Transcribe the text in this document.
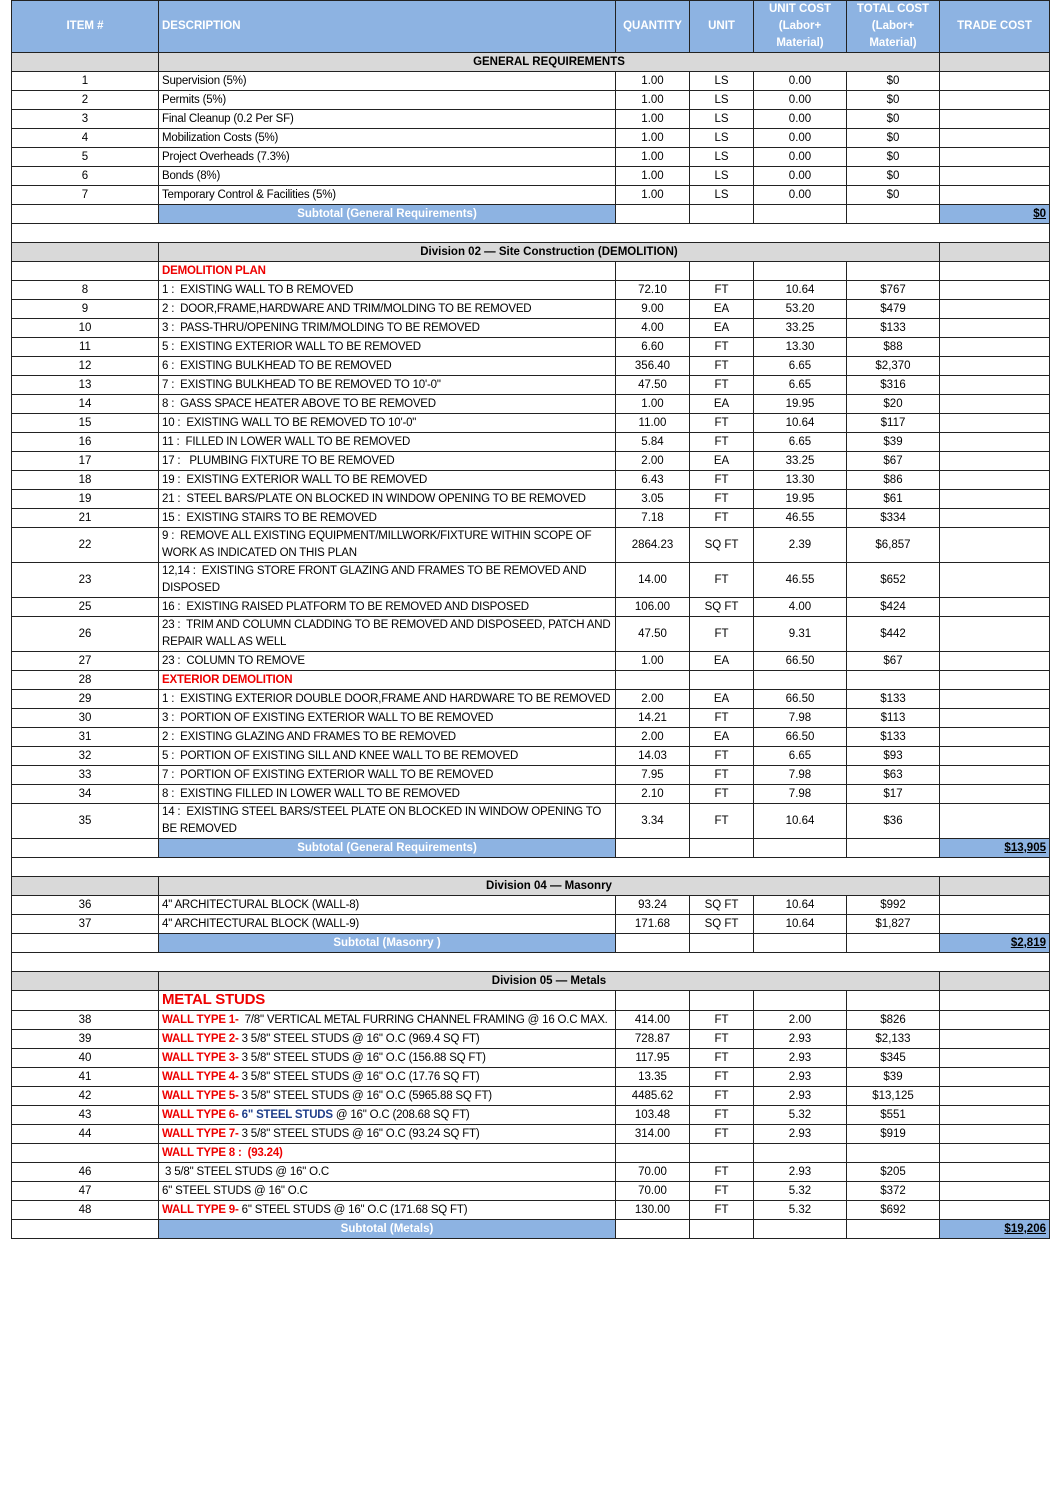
ITEM #	DESCRIPTION	QUANTITY	UNIT	UNIT COST (Labor+ Material)	TOTAL COST (Labor+ Material)	TRADE COST
	GENERAL REQUIREMENTS					
1	Supervision (5%)	1.00	LS	0.00	$0	
2	Permits (5%)	1.00	LS	0.00	$0	
3	Final Cleanup (0.2 Per SF)	1.00	LS	0.00	$0	
4	Mobilization Costs (5%)	1.00	LS	0.00	$0	
5	Project Overheads (7.3%)	1.00	LS	0.00	$0	
6	Bonds (8%)	1.00	LS	0.00	$0	
7	Temporary Control & Facilities (5%)	1.00	LS	0.00	$0	
	Subtotal (General Requirements)					$0

	Division 02 — Site Construction (DEMOLITION)					
	DEMOLITION PLAN					
8	1 :  EXISTING WALL TO B REMOVED	72.10	FT	10.64	$767	
9	2 :  DOOR,FRAME,HARDWARE AND TRIM/MOLDING TO BE REMOVED	9.00	EA	53.20	$479	
10	3 :  PASS-THRU/OPENING TRIM/MOLDING TO BE REMOVED	4.00	EA	33.25	$133	
11	5 :  EXISTING EXTERIOR WALL TO BE REMOVED	6.60	FT	13.30	$88	
12	6 :  EXISTING BULKHEAD TO BE REMOVED	356.40	FT	6.65	$2,370	
13	7 :  EXISTING BULKHEAD TO BE REMOVED TO 10'-0"	47.50	FT	6.65	$316	
14	8 :  GASS SPACE HEATER ABOVE TO BE REMOVED	1.00	EA	19.95	$20	
15	10 :  EXISTING WALL TO BE REMOVED TO 10'-0"	11.00	FT	10.64	$117	
16	11 :  FILLED IN LOWER WALL TO BE REMOVED	5.84	FT	6.65	$39	
17	17 :   PLUMBING FIXTURE TO BE REMOVED	2.00	EA	33.25	$67	
18	19 :  EXISTING EXTERIOR WALL TO BE REMOVED	6.43	FT	13.30	$86	
19	21 :  STEEL BARS/PLATE ON BLOCKED IN WINDOW OPENING TO BE REMOVED	3.05	FT	19.95	$61	
21	15 :  EXISTING STAIRS TO BE REMOVED	7.18	FT	46.55	$334	
22	9 :  REMOVE ALL EXISTING EQUIPMENT/MILLWORK/FIXTURE WITHIN SCOPE OF WORK AS INDICATED ON THIS PLAN	2864.23	SQ FT	2.39	$6,857	
23	12,14 :  EXISTING STORE FRONT GLAZING AND FRAMES TO BE REMOVED AND DISPOSED	14.00	FT	46.55	$652	
25	16 :  EXISTING RAISED PLATFORM TO BE REMOVED AND DISPOSED	106.00	SQ FT	4.00	$424	
26	23 :  TRIM AND COLUMN CLADDING TO BE REMOVED AND DISPOSEED, PATCH AND REPAIR WALL AS WELL	47.50	FT	9.31	$442	
27	23 :  COLUMN TO REMOVE	1.00	EA	66.50	$67	
28	EXTERIOR DEMOLITION					
29	1 :  EXISTING EXTERIOR DOUBLE DOOR,FRAME AND HARDWARE TO BE REMOVED	2.00	EA	66.50	$133	
30	3 :  PORTION OF EXISTING EXTERIOR WALL TO BE REMOVED	14.21	FT	7.98	$113	
31	2 :  EXISTING GLAZING AND FRAMES TO BE REMOVED	2.00	EA	66.50	$133	
32	5 :  PORTION OF EXISTING SILL AND KNEE WALL TO BE REMOVED	14.03	FT	6.65	$93	
33	7 :  PORTION OF EXISTING EXTERIOR WALL TO BE REMOVED	7.95	FT	7.98	$63	
34	8 :  EXISTING FILLED IN LOWER WALL TO BE REMOVED	2.10	FT	7.98	$17	
35	14 :  EXISTING STEEL BARS/STEEL PLATE ON BLOCKED IN WINDOW OPENING TO BE REMOVED	3.34	FT	10.64	$36	
	Subtotal (General Requirements)					$13,905

	Division 04 — Masonry					
36	4" ARCHITECTURAL BLOCK (WALL-8)	93.24	SQ FT	10.64	$992	
37	4" ARCHITECTURAL BLOCK (WALL-9)	171.68	SQ FT	10.64	$1,827	
	Subtotal (Masonry )					$2,819

	Division 05 — Metals					
	METAL STUDS					
38	WALL TYPE 1-  7/8" VERTICAL METAL FURRING CHANNEL FRAMING @ 16 O.C MAX.	414.00	FT	2.00	$826	
39	WALL TYPE 2- 3 5/8" STEEL STUDS @ 16" O.C (969.4 SQ FT)	728.87	FT	2.93	$2,133	
40	WALL TYPE 3- 3 5/8" STEEL STUDS @ 16" O.C (156.88 SQ FT)	117.95	FT	2.93	$345	
41	WALL TYPE 4- 3 5/8" STEEL STUDS @ 16" O.C (17.76 SQ FT)	13.35	FT	2.93	$39	
42	WALL TYPE 5- 3 5/8" STEEL STUDS @ 16" O.C (5965.88 SQ FT)	4485.62	FT	2.93	$13,125	
43	WALL TYPE 6- 6" STEEL STUDS @ 16" O.C (208.68 SQ FT)	103.48	FT	5.32	$551	
44	WALL TYPE 7- 3 5/8" STEEL STUDS @ 16" O.C (93.24 SQ FT)	314.00	FT	2.93	$919	
	WALL TYPE 8 :  (93.24)					
46	3 5/8" STEEL STUDS @ 16" O.C	70.00	FT	2.93	$205	
47	6" STEEL STUDS @ 16" O.C	70.00	FT	5.32	$372	
48	WALL TYPE 9- 6" STEEL STUDS @ 16" O.C (171.68 SQ FT)	130.00	FT	5.32	$692	
	Subtotal (Metals)					$19,206
